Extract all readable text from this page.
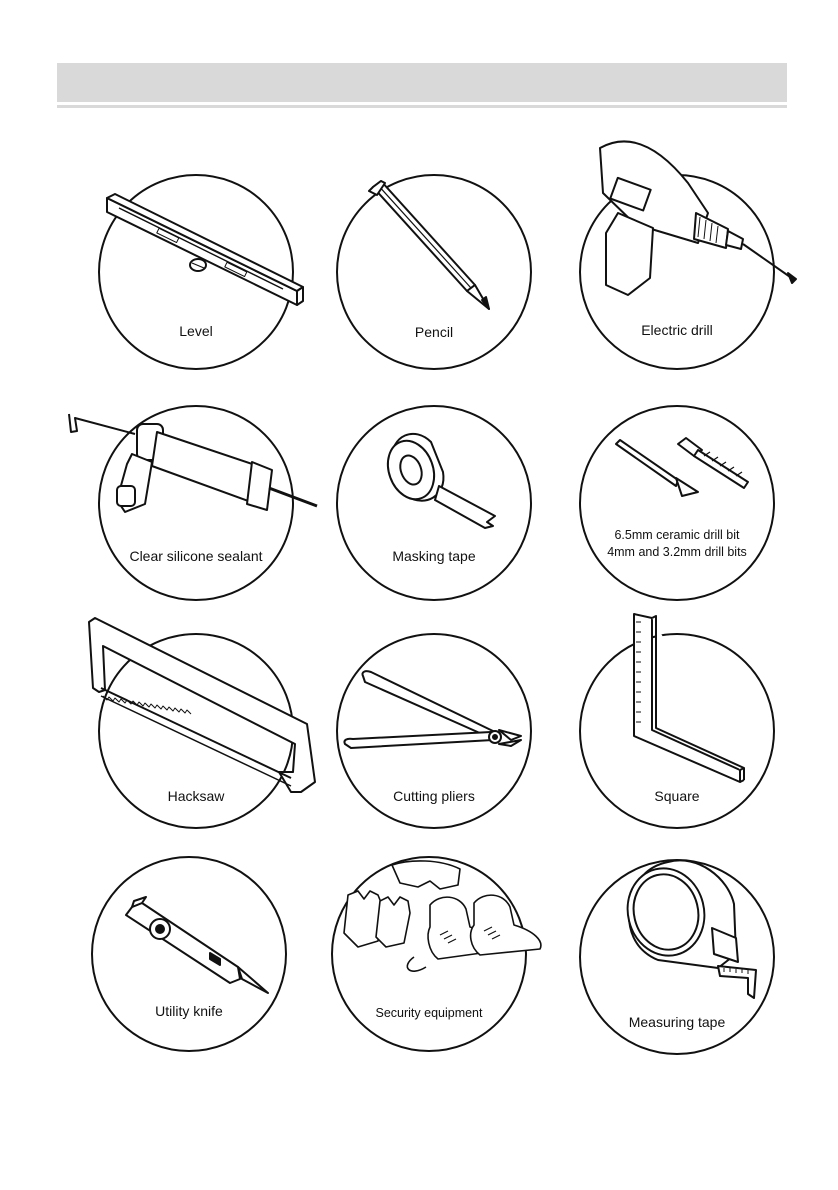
Level	Pencil	Electric drill
Clear silicone sealant	Masking tape
6.5mm ceramic drill bit
4mm and 3.2mm drill bits
Hacksaw	Cutting pliers	Square
Utility knife	Security equipment
Measuring tape
